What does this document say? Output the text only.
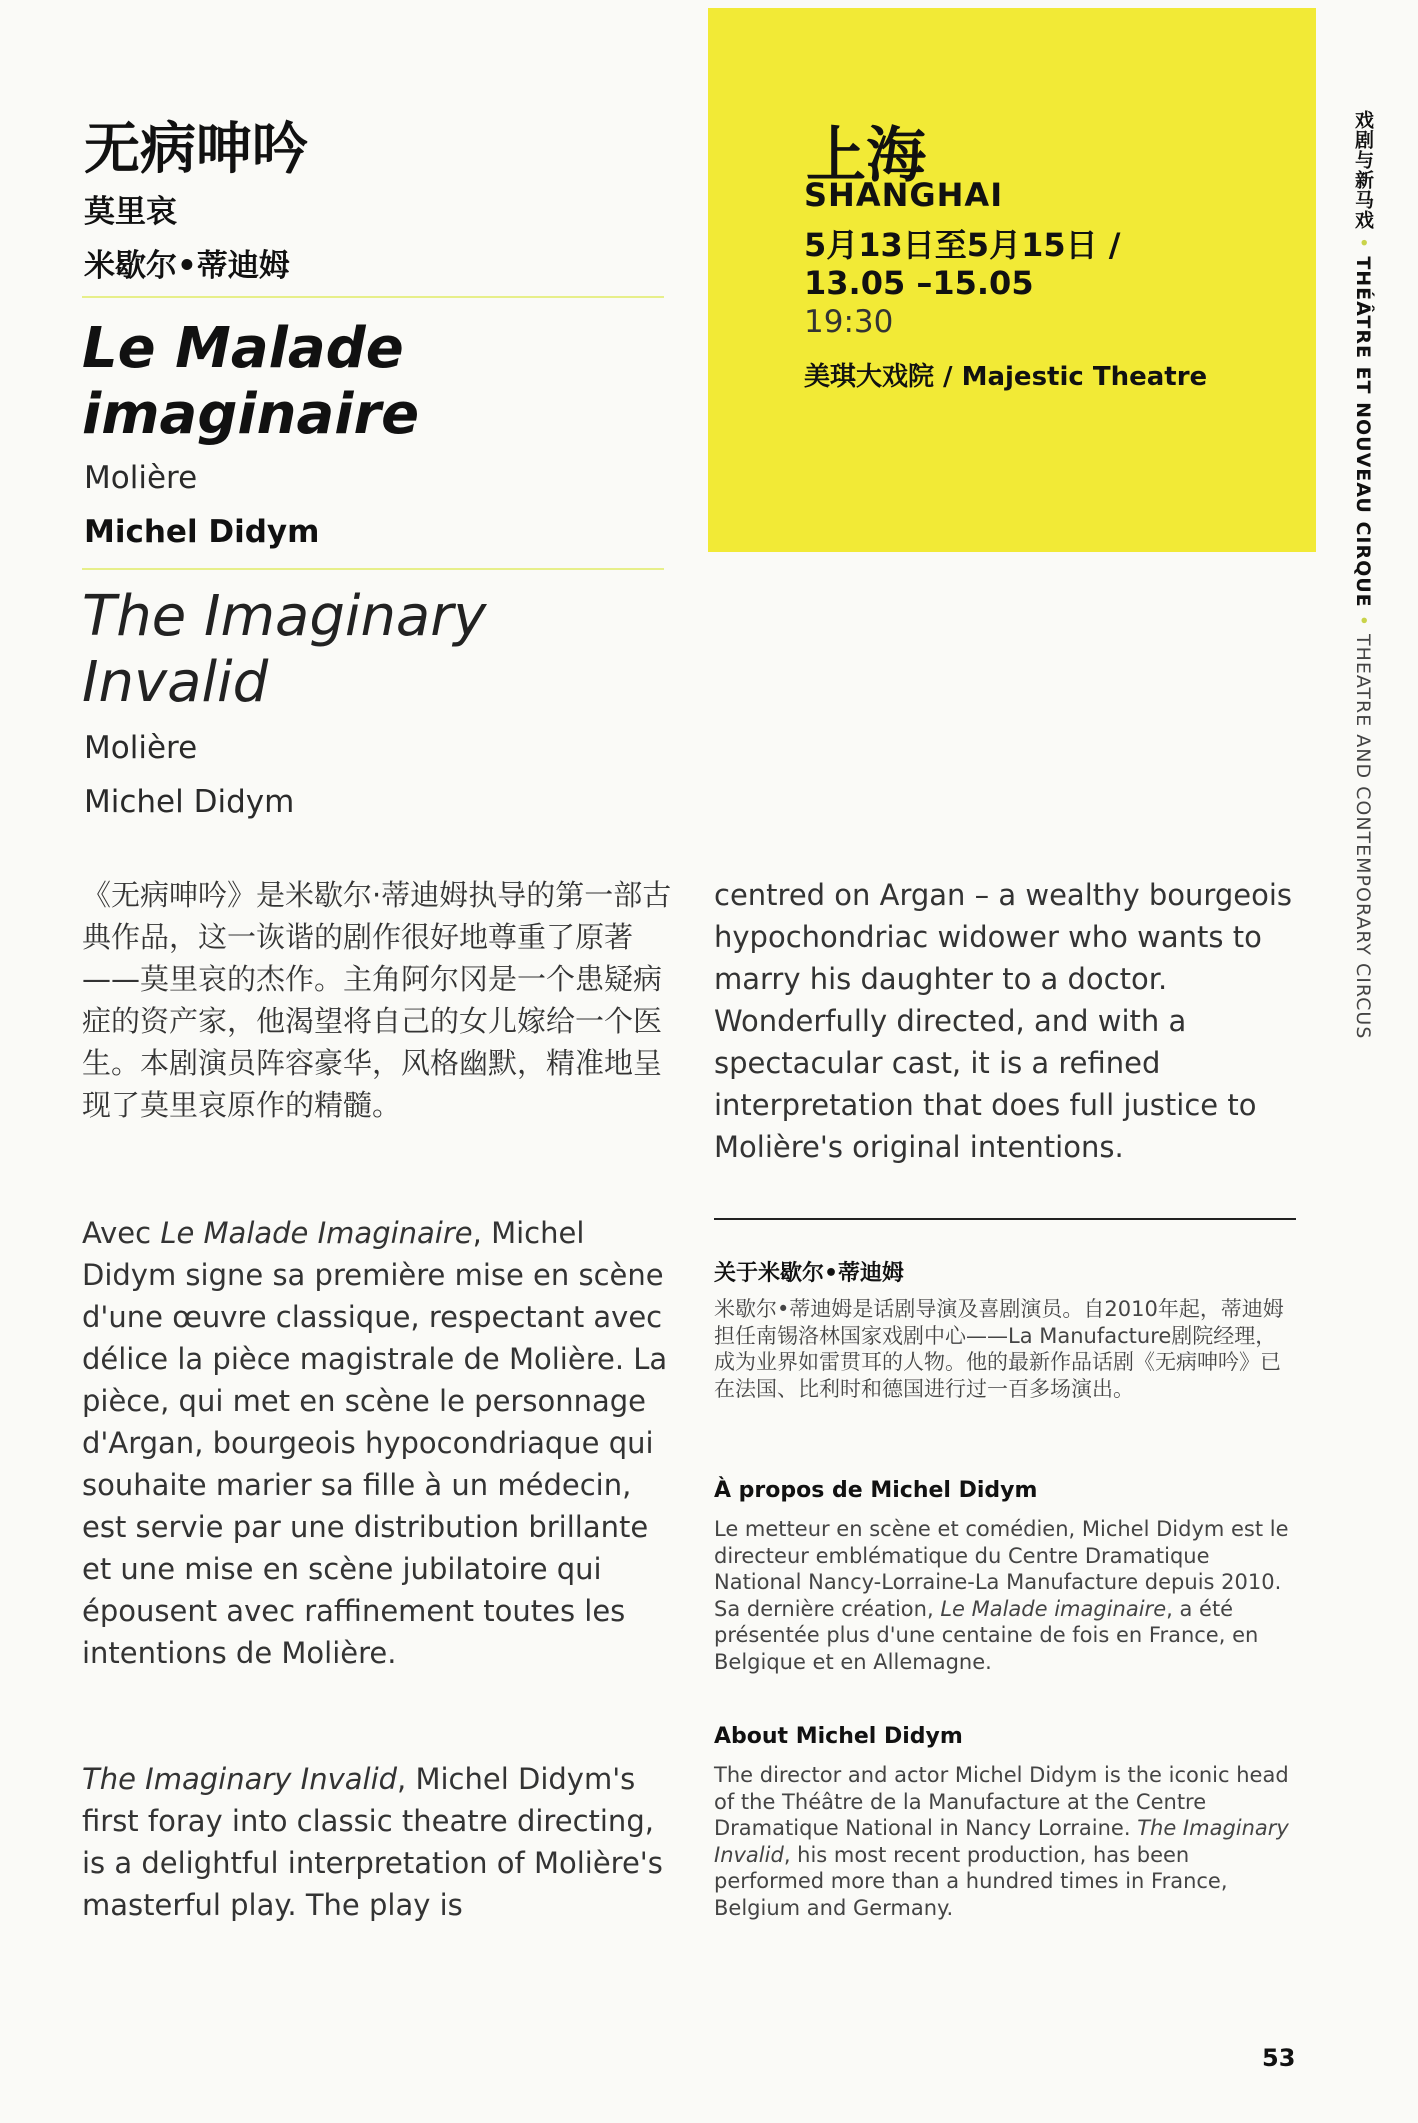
无病呻吟
莫里哀
米歇尔•蒂迪姆
Le Malade imaginaire
Molière
Michel Didym
The Imaginary Invalid
Molière
Michel Didym
上海
SHANGHAI
5月13日至5月15日 /
13.05 –15.05
19:30
美琪大戏院 / Majestic Theatre
戏剧与新马戏 • THÉÂTRE ET NOUVEAU CIRQUE • THEATRE AND CONTEMPORARY CIRCUS
《无病呻吟》是米歇尔·蒂迪姆执导的第一部古典作品，这一诙谐的剧作很好地尊重了原著——莫里哀的杰作。主角阿尔冈是一个患疑病症的资产家，他渴望将自己的女儿嫁给一个医生。本剧演员阵容豪华，风格幽默，精准地呈现了莫里哀原作的精髓。
Avec Le Malade Imaginaire, Michel Didym signe sa première mise en scène d'une œuvre classique, respectant avec délice la pièce magistrale de Molière. La pièce, qui met en scène le personnage d'Argan, bourgeois hypocondriaque qui souhaite marier sa fille à un médecin, est servie par une distribution brillante et une mise en scène jubilatoire qui épousent avec raffinement toutes les intentions de Molière.
The Imaginary Invalid, Michel Didym's first foray into classic theatre directing, is a delightful interpretation of Molière's masterful play. The play is
centred on Argan – a wealthy bourgeois hypochondriac widower who wants to marry his daughter to a doctor. Wonderfully directed, and with a spectacular cast, it is a refined interpretation that does full justice to Molière's original intentions.
关于米歇尔•蒂迪姆
米歇尔•蒂迪姆是话剧导演及喜剧演员。自2010年起，蒂迪姆担任南锡洛林国家戏剧中心——La Manufacture剧院经理，成为业界如雷贯耳的人物。他的最新作品话剧《无病呻吟》已在法国、比利时和德国进行过一百多场演出。
À propos de Michel Didym
Le metteur en scène et comédien, Michel Didym est le directeur emblématique du Centre Dramatique National Nancy-Lorraine-La Manufacture depuis 2010. Sa dernière création, Le Malade imaginaire, a été présentée plus d'une centaine de fois en France, en Belgique et en Allemagne.
About Michel Didym
The director and actor Michel Didym is the iconic head of the Théâtre de la Manufacture at the Centre Dramatique National in Nancy Lorraine. The Imaginary Invalid, his most recent production, has been performed more than a hundred times in France, Belgium and Germany.
53
